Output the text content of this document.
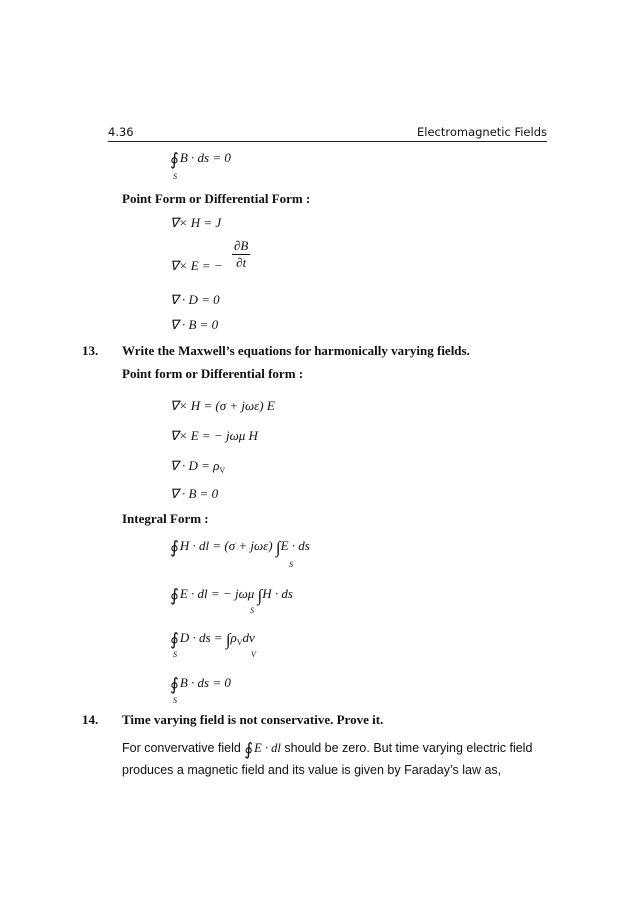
4.36	Electromagnetic Fields
∮B · ds = 0
S
Point Form or Differential Form :
∇× H = J
∇× E = − $\frac{\partial B}{\partial t}$
∇ · D = 0
∇ · B = 0
13. Write the Maxwell’s equations for harmonically varying fields.
Point form or Differential form :
∇× H = (σ + jωε) E
∇× E = − jωμ H
∇ · $D = \rho_V$
∇ · B = 0
Integral Form :
∮H · dl = (σ + jωε) ∫E · ds
S
∮E · dl = − jωμ ∫H · ds
S
∮D · ds = $\int\rho_Vdv$
S	V
∮B · ds = 0
S
14. Time varying field is not conservative. Prove it.
For convervative field ∮E · dl should be zero. But time varying electric field
produces a magnetic field and its value is given by Faraday’s law as,
